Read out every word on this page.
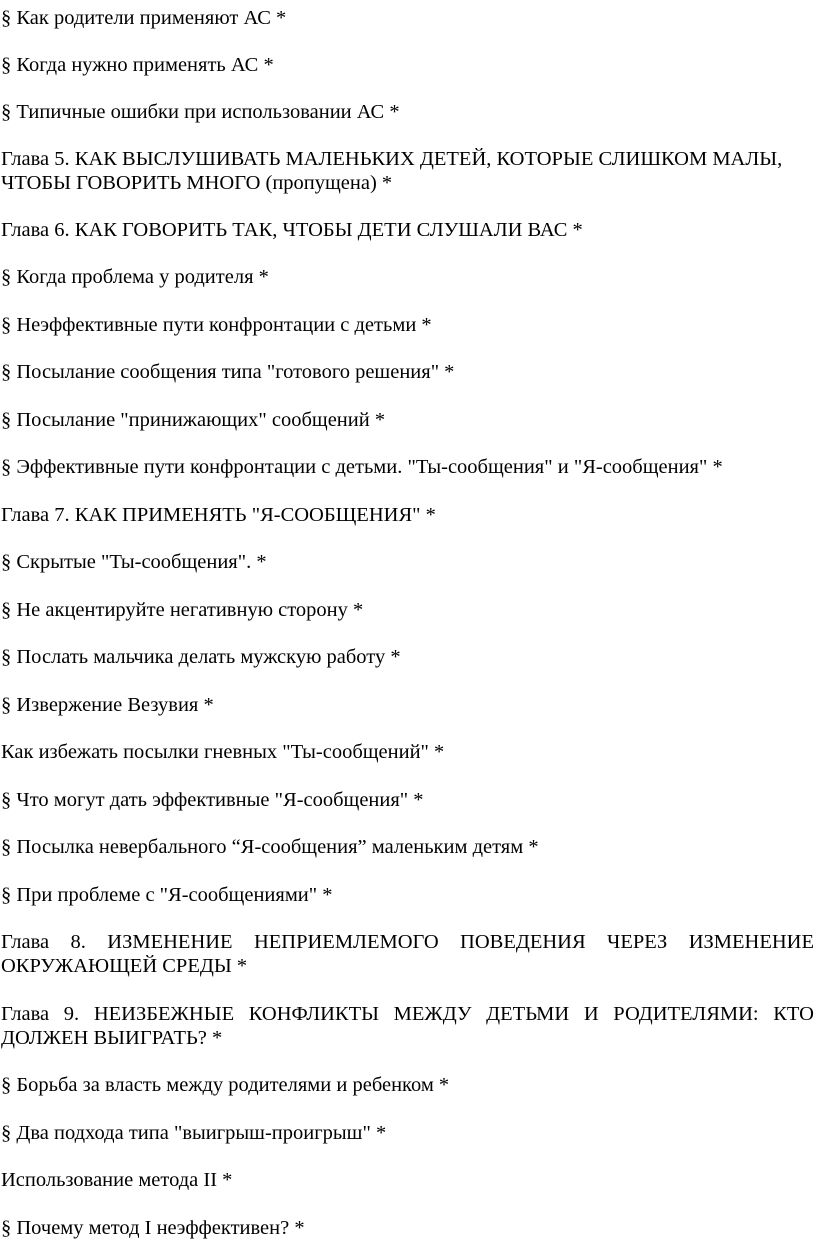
§ Как родители применяют АС *
§ Когда нужно применять АС *
§ Типичные ошибки при использовании АС *
Глава 5. КАК ВЫСЛУШИВАТЬ МАЛЕНЬКИХ ДЕТЕЙ, КОТОРЫЕ СЛИШКОМ МАЛЫ, ЧТОБЫ ГОВОРИТЬ МНОГО (пропущена) *
Глава 6. КАК ГОВОРИТЬ ТАК, ЧТОБЫ ДЕТИ СЛУШАЛИ ВАС *
§ Когда проблема у родителя *
§ Неэффективные пути конфронтации с детьми *
§ Посылание сообщения типа "готового решения" *
§ Посылание "принижающих" сообщений *
§ Эффективные пути конфронтации с детьми. "Ты-сообщения" и "Я-сообщения" *
Глава 7. КАК ПРИМЕНЯТЬ "Я-СООБЩЕНИЯ" *
§ Скрытые "Ты-сообщения". *
§ Не акцентируйте негативную сторону *
§ Послать мальчика делать мужскую работу *
§ Извержение Везувия *
Как избежать посылки гневных "Ты-сообщений" *
§ Что могут дать эффективные "Я-сообщения" *
§ Посылка невербального “Я-сообщения” маленьким детям *
§ При проблеме с "Я-сообщениями" *
Глава 8. ИЗМЕНЕНИЕ НЕПРИЕМЛЕМОГО ПОВЕДЕНИЯ ЧЕРЕЗ ИЗМЕНЕНИЕ ОКРУЖАЮЩЕЙ СРЕДЫ *
Глава 9. НЕИЗБЕЖНЫЕ КОНФЛИКТЫ МЕЖДУ ДЕТЬМИ И РОДИТЕЛЯМИ: КТО ДОЛЖЕН ВЫИГРАТЬ? *
§ Борьба за власть между родителями и ребенком *
§ Два подхода типа "выигрыш-проигрыш" *
Использование метода II *
§ Почему метод I неэффективен? *
